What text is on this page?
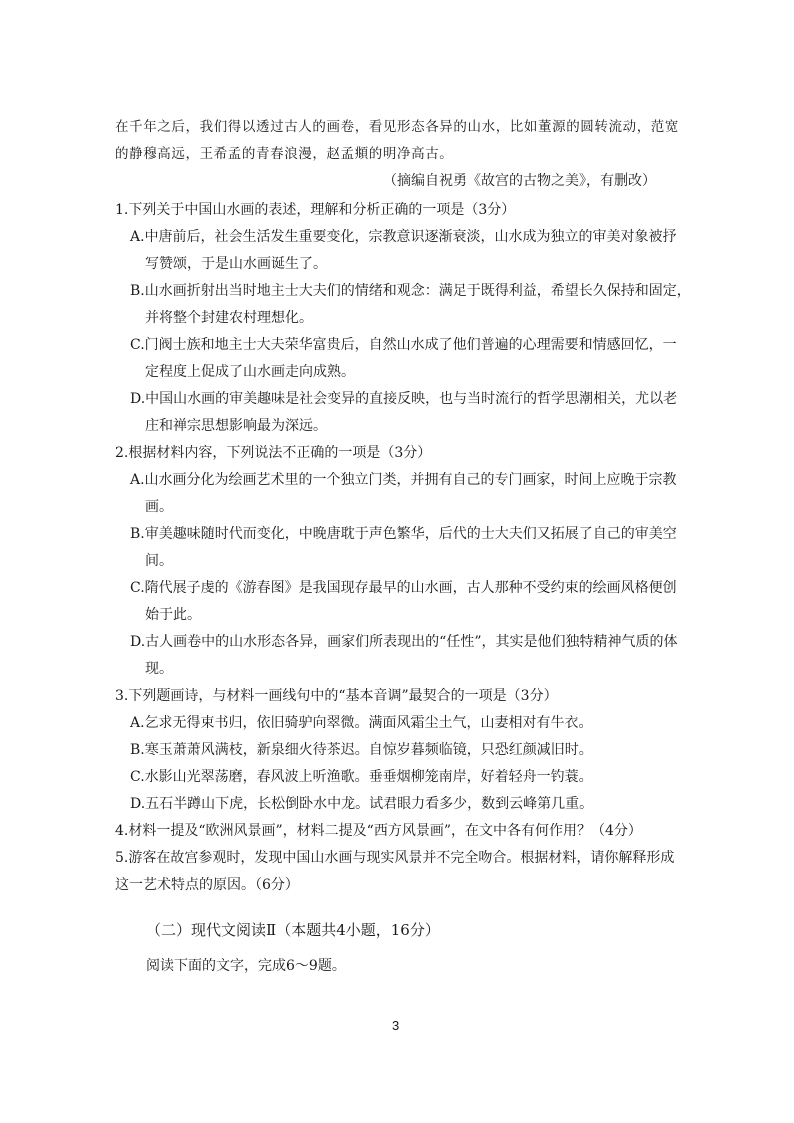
在千年之后，我们得以透过古人的画卷，看见形态各异的山水，比如董源的圆转流动，范宽
的静穆高远，王希孟的青春浪漫，赵孟頫的明净高古。
（摘编自祝勇《故宫的古物之美》，有删改）
1.下列关于中国山水画的表述，理解和分析正确的一项是（3分）
A.中唐前后，社会生活发生重要变化，宗教意识逐渐衰淡，山水成为独立的审美对象被抒
写赞颂，于是山水画诞生了。
B.山水画折射出当时地主士大夫们的情绪和观念：满足于既得利益，希望长久保持和固定，
并将整个封建农村理想化。
C.门阀士族和地主士大夫荣华富贵后，自然山水成了他们普遍的心理需要和情感回忆，一
定程度上促成了山水画走向成熟。
D.中国山水画的审美趣味是社会变异的直接反映，也与当时流行的哲学思潮相关，尤以老
庄和禅宗思想影响最为深远。
2.根据材料内容，下列说法不正确的一项是（3分）
A.山水画分化为绘画艺术里的一个独立门类，并拥有自己的专门画家，时间上应晚于宗教
画。
B.审美趣味随时代而变化，中晚唐耽于声色繁华，后代的士大夫们又拓展了自己的审美空
间。
C.隋代展子虔的《游春图》是我国现存最早的山水画，古人那种不受约束的绘画风格便创
始于此。
D.古人画卷中的山水形态各异，画家们所表现出的“任性”，其实是他们独特精神气质的体
现。
3.下列题画诗，与材料一画线句中的“基本音调”最契合的一项是（3分）
A.乞求无得束书归，依旧骑驴向翠微。满面风霜尘土气，山妻相对有牛衣。
B.寒玉萧萧风满枝，新泉细火待茶迟。自惊岁暮频临镜，只恐红颜减旧时。
C.水影山光翠荡磨，春风波上听渔歌。垂垂烟柳笼南岸，好着轻舟一钓蓑。
D.五石半蹲山下虎，长松倒卧水中龙。试君眼力看多少，数到云峰第几重。
4.材料一提及“欧洲风景画”，材料二提及“西方风景画”，在文中各有何作用？（4分）
5.游客在故宫参观时，发现中国山水画与现实风景并不完全吻合。根据材料，请你解释形成
这一艺术特点的原因。（6分）
（二）现代文阅读Ⅱ（本题共4小题，16分）
阅读下面的文字，完成6～9题。
3
